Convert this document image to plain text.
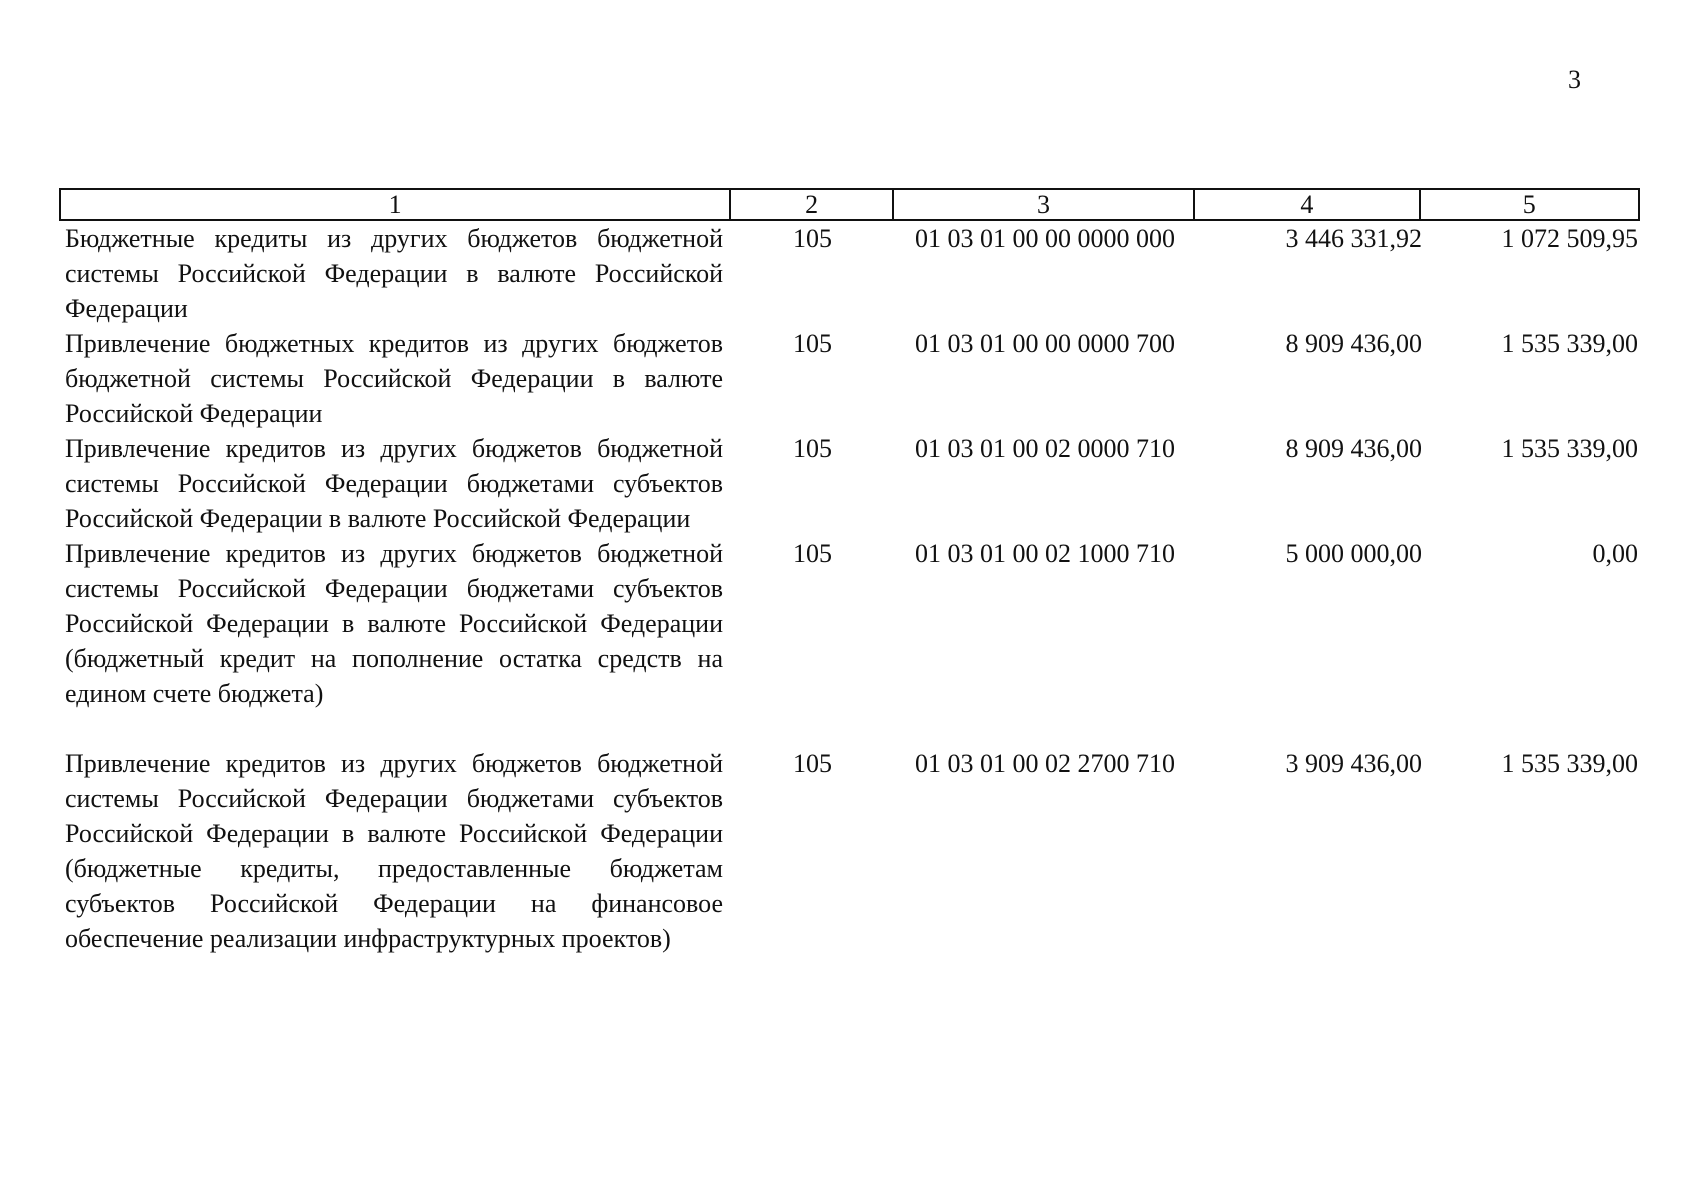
3
1	2	3	4	5
Бюджетные кредиты из других бюджетов бюджетной системы Российской Федерации в валюте Российской Федерации
105	01 03 01 00 00 0000 000	3 446 331,92	1 072 509,95
Привлечение бюджетных кредитов из других бюджетов бюджетной системы Российской Федерации в валюте Российской Федерации
105	01 03 01 00 00 0000 700	8 909 436,00	1 535 339,00
Привлечение кредитов из других бюджетов бюджетной системы Российской Федерации бюджетами субъектов Российской Федерации в валюте Российской Федерации
105	01 03 01 00 02 0000 710	8 909 436,00	1 535 339,00
Привлечение кредитов из других бюджетов бюджетной системы Российской Федерации бюджетами субъектов Российской Федерации в валюте Российской Федерации (бюджетный кредит на пополнение остатка средств на едином счете бюджета)
105	01 03 01 00 02 1000 710	5 000 000,00	0,00
Привлечение кредитов из других бюджетов бюджетной системы Российской Федерации бюджетами субъектов Российской Федерации в валюте Российской Федерации (бюджетные кредиты, предоставленные бюджетам субъектов Российской Федерации на финансовое обеспечение реализации инфраструктурных проектов)
105	01 03 01 00 02 2700 710	3 909 436,00	1 535 339,00
